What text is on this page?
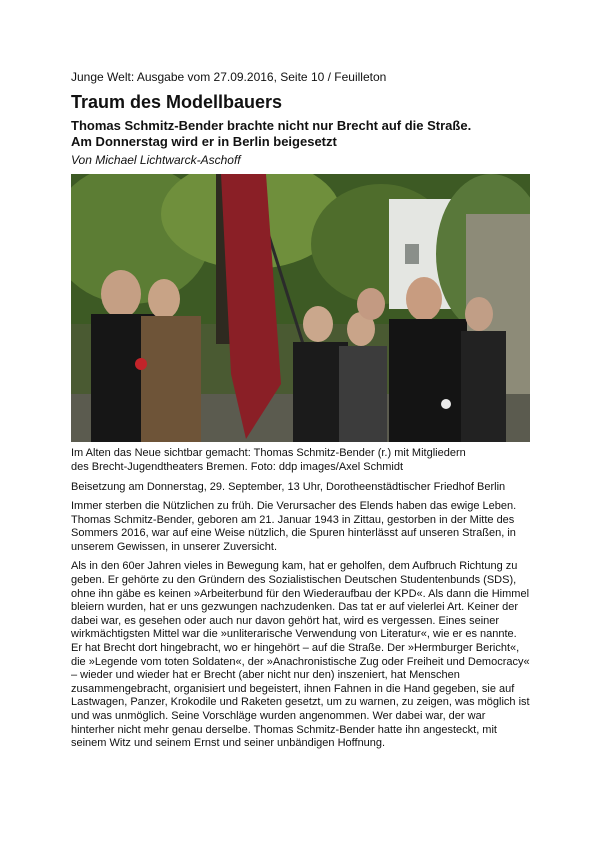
Junge Welt: Ausgabe vom 27.09.2016, Seite 10 / Feuilleton

Traum des Modellbauers
Thomas Schmitz-Bender brachte nicht nur Brecht auf die Straße.
Am Donnerstag wird er in Berlin beigesetzt

Von Michael Lichtwarck-Aschoff

Im Alten das Neue sichtbar gemacht: Thomas Schmitz-Bender (r.) mit Mitgliedern
des Brecht-Jugendtheaters Bremen. Foto: ddp images/Axel Schmidt

Beisetzung am Donnerstag, 29. September, 13 Uhr, Dorotheenstädtischer Friedhof Berlin

Immer sterben die Nützlichen zu früh. Die Verursacher des Elends haben das ewige Leben. Thomas Schmitz-Bender, geboren am 21. Januar 1943 in Zittau, gestorben in der Mitte des Sommers 2016, war auf eine Weise nützlich, die Spuren hinterlässt auf unseren Straßen, in unserem Gewissen, in unserer Zuversicht.

Als in den 60er Jahren vieles in Bewegung kam, hat er geholfen, dem Aufbruch Richtung zu geben. Er gehörte zu den Gründern des Sozialistischen Deutschen Studentenbunds (SDS), ohne ihn gäbe es keinen »Arbeiterbund für den Wiederaufbau der KPD«. Als dann die Himmel bleiern wurden, hat er uns gezwungen nachzudenken. Das tat er auf vielerlei Art. Keiner der dabei war, es gesehen oder auch nur davon gehört hat, wird es vergessen. Eines seiner wirkmächtigsten Mittel war die »unliterarische Verwendung von Literatur«, wie er es nannte. Er hat Brecht dort hingebracht, wo er hingehört – auf die Straße. Der »Hermburger Bericht«, die »Legende vom toten Soldaten«, der »Anachronistische Zug oder Freiheit und Democracy« – wieder und wieder hat er Brecht (aber nicht nur den) inszeniert, hat Menschen zusammengebracht, organisiert und begeistert, ihnen Fahnen in die Hand gegeben, sie auf Lastwagen, Panzer, Krokodile und Raketen gesetzt, um zu warnen, zu zeigen, was möglich ist und was unmöglich. Seine Vorschläge wurden angenommen. Wer dabei war, der war hinterher nicht mehr genau derselbe. Thomas Schmitz-Bender hatte ihn angesteckt, mit seinem Witz und seinem Ernst und seiner unbändigen Hoffnung.
